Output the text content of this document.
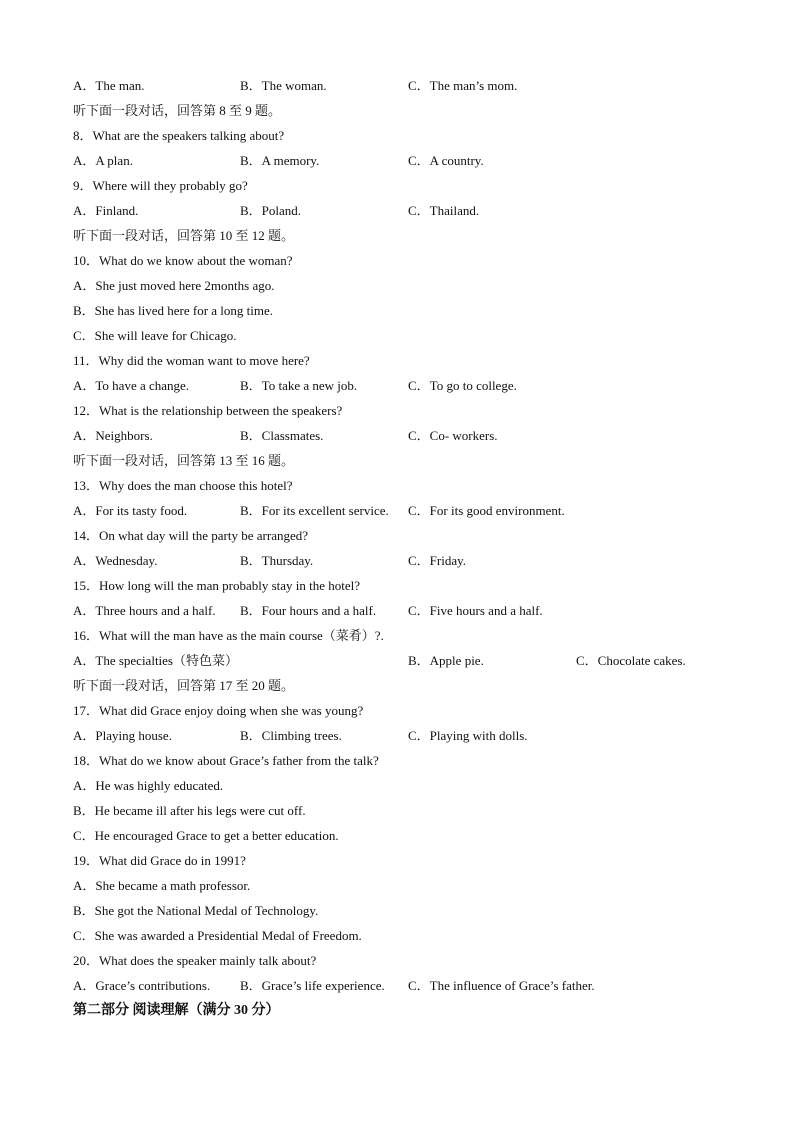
A．The man.	B．The woman.	C．The man’s mom.
听下面一段对话，回答第 8 至 9 题。
8．What are the speakers talking about?
A．A plan.	B．A memory.	C．A country.
9．Where will they probably go?
A．Finland.	B．Poland.	C．Thailand.
听下面一段对话，回答第 10 至 12 题。
10．What do we know about the woman?
A．She just moved here 2months ago.
B．She has lived here for a long time.
C．She will leave for Chicago.
11．Why did the woman want to move here?
A．To have a change.	B．To take a new job.	C．To go to college.
12．What is the relationship between the speakers?
A．Neighbors.	B．Classmates.	C．Co- workers.
听下面一段对话，回答第 13 至 16 题。
13．Why does the man choose this hotel?
A．For its tasty food.	B．For its excellent service. C．For its good environment.
14．On what day will the party be arranged?
A．Wednesday.	B．Thursday.	C．Friday.
15．How long will the man probably stay in the hotel?
A．Three hours and a half. B．Four hours and a half. C．Five hours and a half.
16．What will the man have as the main course（菜肴）?.
A．The specialties（特色菜）	B．Apple pie.	C．Chocolate cakes.
听下面一段对话，回答第 17 至 20 题。
17．What did Grace enjoy doing when she was young?
A．Playing house.	B．Climbing trees.	C．Playing with dolls.
18．What do we know about Grace’s father from the talk?
A．He was highly educated.
B．He became ill after his legs were cut off.
C．He encouraged Grace to get a better education.
19．What did Grace do in 1991?
A．She became a math professor.
B．She got the National Medal of Technology.
C．She was awarded a Presidential Medal of Freedom.
20．What does the speaker mainly talk about?
A．Grace’s contributions. B．Grace’s life experience. C．The influence of Grace’s father.
第二部分 阅读理解（满分 30 分）
